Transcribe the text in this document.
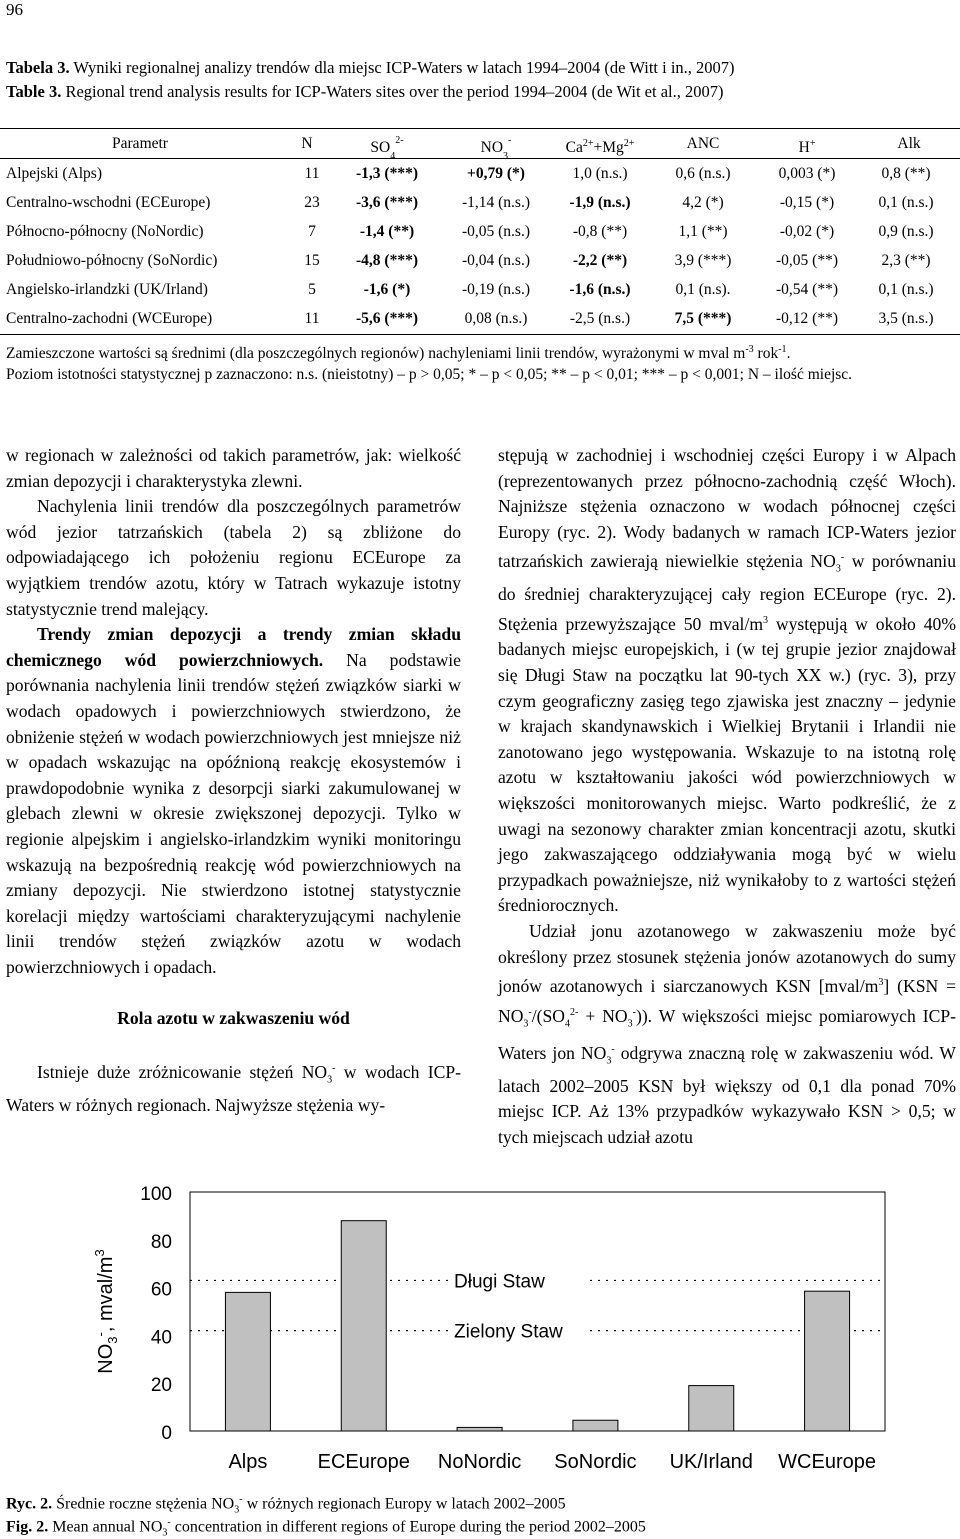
96
Tabela 3. Wyniki regionalnej analizy trendów dla miejsc ICP-Waters w latach 1994–2004 (de Witt i in., 2007)
Table 3. Regional trend analysis results for ICP-Waters sites over the period 1994–2004 (de Wit et al., 2007)
Parametr	N	$SO_4^{2-}$	$NO_3^-$	$Ca^{2+}+Mg^{2+}$	ANC	H+	Alk
Alpejski (Alps)	11 -1,3 (***)	+0,79 (*)	1,0 (n.s.)	0,6 (n.s.)	0,003 (*)	0,8 (**)
Centralno-wschodni (ECEurope)	23 -3,6 (***)	-1,14 (n.s.)	-1,9 (n.s.)	4,2 (*)	-0,15 (*)	0,1 (n.s.)
Północno-północny (NoNordic)	7	-1,4 (**)	-0,05 (n.s.)	-0,8 (**)	1,1 (**)	-0,02 (*)	0,9 (n.s.)
Południowo-północny (SoNordic)	15 -4,8 (***)	-0,04 (n.s.)	-2,2 (**)	3,9 (***)	-0,05 (**)	2,3 (**)
Angielsko-irlandzki (UK/Irland)	5	-1,6 (*)	-0,19 (n.s.)	-1,6 (n.s.)	0,1 (n.s).	-0,54 (**)	0,1 (n.s.)
Centralno-zachodni (WCEurope)	11 -5,6 (***)	0,08 (n.s.)	-2,5 (n.s.)	7,5 (***)	-0,12 (**)	3,5 (n.s.)
Zamieszczone wartości są średnimi (dla poszczególnych regionów) nachyleniami linii trendów, wyrażonymi w mval $m^{-3}$ rok$^{-1}$.
Poziom istotności statystycznej p zaznaczono: n.s. (nieistotny) – p > 0,05; * – p < 0,05; ** – p < 0,01; *** – p < 0,001; N – ilość miejsc.

w regionach w zależności od takich parametrów, jak: wielkość zmian depozycji i charakterystyka zlewni.

Nachylenia linii trendów dla poszczególnych parametrów wód jezior tatrzańskich (tabela 2) są zbliżone do odpowiadającego ich położeniu regionu ECEurope za wyjątkiem trendów azotu, który w Tatrach wykazuje istotny statystycznie trend malejący.

Trendy zmian depozycji a trendy zmian składu chemicznego wód powierzchniowych. Na podstawie porównania nachylenia linii trendów stężeń związków siarki w wodach opadowych i powierzchniowych stwierdzono, że obniżenie stężeń w wodach powierzchniowych jest mniejsze niż w opadach wskazując na opóźnioną reakcję ekosystemów i prawdopodobnie wynika z desorpcji siarki zakumulowanej w glebach zlewni w okresie zwiększonej depozycji. Tylko w regionie alpejskim i angielsko-irlandzkim wyniki monitoringu wskazują na bezpośrednią reakcję wód powierzchniowych na zmiany depozycji. Nie stwierdzono istotnej statystycznie korelacji między wartościami charakteryzującymi nachylenie linii trendów stężeń związków azotu w wodach powierzchniowych i opadach.

Rola azotu w zakwaszeniu wód

Istnieje duże zróżnicowanie stężeń $NO_3^-$ w wodach ICP-Waters w różnych regionach. Najwyższe stężenia wy-

stępują w zachodniej i wschodniej części Europy i w Alpach (reprezentowanych przez północno-zachodnią część Włoch). Najniższe stężenia oznaczono w wodach północnej części Europy (ryc. 2). Wody badanych w ramach ICP-Waters jezior tatrzańskich zawierają niewielkie stężenia $NO_3^-$ w porównaniu do średniej charakteryzującej cały region ECEurope (ryc. 2). Stężenia przewyższające 50 mval/$m^3$ występują w około 40% badanych miejsc europejskich, i (w tej grupie jezior znajdował się Długi Staw na początku lat 90-tych XX w.) (ryc. 3), przy czym geograficzny zasięg tego zjawiska jest znaczny – jedynie w krajach skandynawskich i Wielkiej Brytanii i Irlandii nie zanotowano jego występowania. Wskazuje to na istotną rolę azotu w kształtowaniu jakości wód powierzchniowych w większości monitorowanych miejsc. Warto podkreślić, że z uwagi na sezonowy charakter zmian koncentracji azotu, skutki jego zakwaszającego oddziaływania mogą być w wielu przypadkach poważniejsze, niż wynikałoby to z wartości stężeń średniorocznych.

Udział jonu azotanowego w zakwaszeniu może być określony przez stosunek stężenia jonów azotanowych do sumy jonów azotanowych i siarczanowych KSN $[mval/m^3] (KSN = NO_3^-/(SO_4^{2-} + NO_3^-))$. W większości miejsc pomiarowych ICP-Waters jon $NO_3^-$ odgrywa znaczną rolę w zakwaszeniu wód. W latach 2002–2005 KSN był większy od 0,1 dla ponad 70% miejsc ICP. Aż 13% przypadków wykazywało KSN > 0,5; w tych miejscach udział azotu

0
20
40
60
80
100
Długi Staw
Zielony Staw
Alps	ECEurope NoNordic SoNordic UK/Irland WCEurope
$NO_3^-$, mval/$m^3$
Ryc. 2. Średnie roczne stężenia $NO_3^-$ w różnych regionach Europy w latach 2002–2005
Fig. 2. Mean annual $NO_3^-$ concentration in different regions of Europe during the period 2002–2005
